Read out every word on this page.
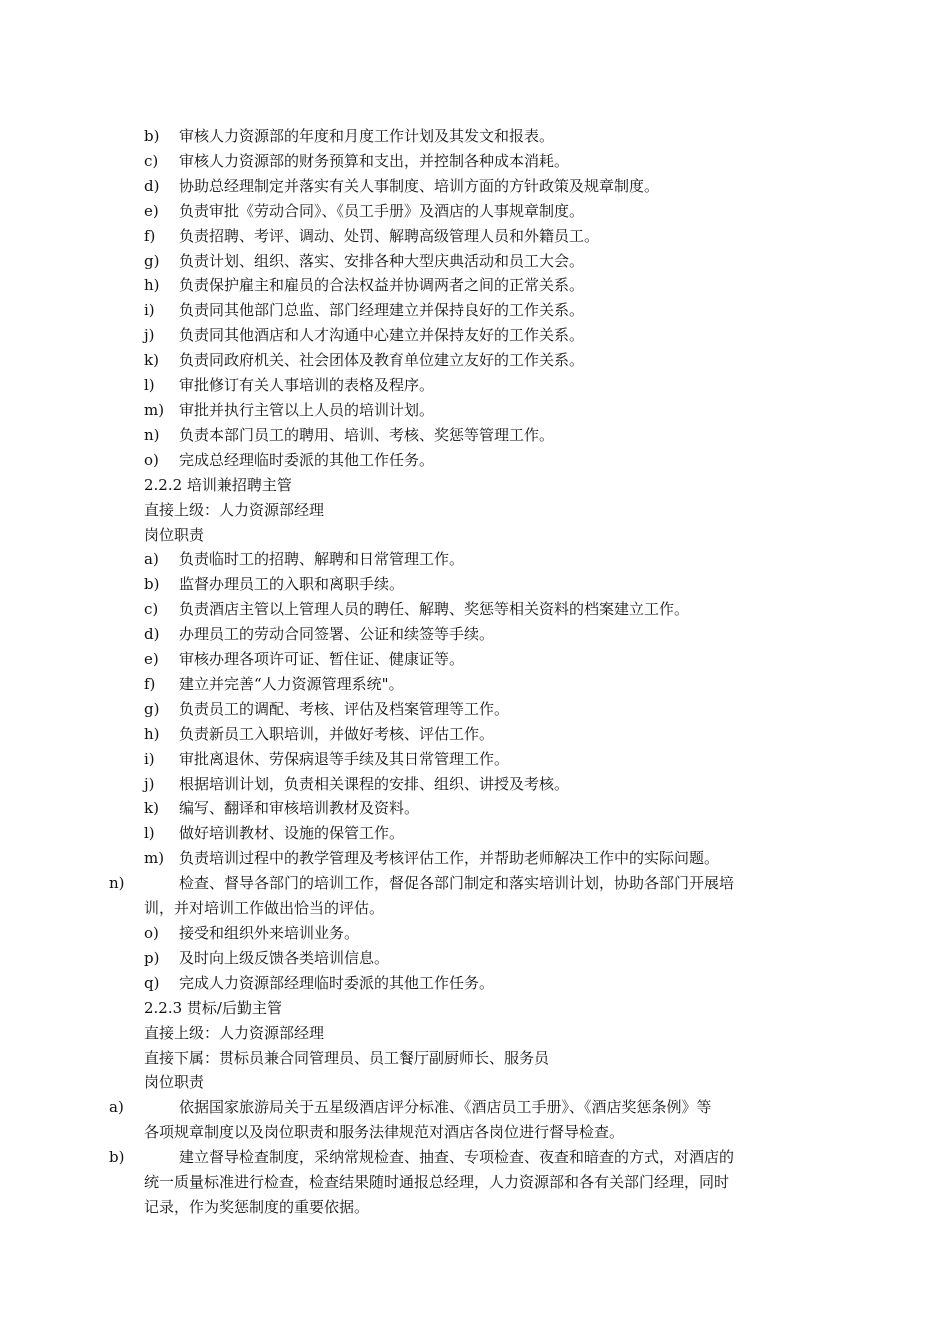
b)	审核人力资源部的年度和月度工作计划及其发文和报表。
c)	审核人力资源部的财务预算和支出，并控制各种成本消耗。
d)	协助总经理制定并落实有关人事制度、培训方面的方针政策及规章制度。
e)	负责审批《劳动合同》、《员工手册》及酒店的人事规章制度。
f)	负责招聘、考评、调动、处罚、解聘高级管理人员和外籍员工。
g)	负责计划、组织、落实、安排各种大型庆典活动和员工大会。
h)	负责保护雇主和雇员的合法权益并协调两者之间的正常关系。
i)	负责同其他部门总监、部门经理建立并保持良好的工作关系。
j)	负责同其他酒店和人才沟通中心建立并保持友好的工作关系。
k)	负责同政府机关、社会团体及教育单位建立友好的工作关系。
l)	审批修订有关人事培训的表格及程序。
m) 审批并执行主管以上人员的培训计划。
n)	负责本部门员工的聘用、培训、考核、奖惩等管理工作。
o)	完成总经理临时委派的其他工作任务。
2.2.2 培训兼招聘主管
直接上级：人力资源部经理
岗位职责
a)	负责临时工的招聘、解聘和日常管理工作。
b)	监督办理员工的入职和离职手续。
c)	负责酒店主管以上管理人员的聘任、解聘、奖惩等相关资料的档案建立工作。
d)	办理员工的劳动合同签署、公证和续签等手续。
e)	审核办理各项许可证、暂住证、健康证等。
f)	建立并完善“人力资源管理系统"。
g)	负责员工的调配、考核、评估及档案管理等工作。
h)	负责新员工入职培训，并做好考核、评估工作。
i)	审批离退休、劳保病退等手续及其日常管理工作。
j)	根据培训计划，负责相关课程的安排、组织、讲授及考核。
k)	编写、翻译和审核培训教材及资料。
l)	做好培训教材、设施的保管工作。
m) 负责培训过程中的教学管理及考核评估工作，并帮助老师解决工作中的实际问题。
n)	检查、督导各部门的培训工作，督促各部门制定和落实培训计划，协助各部门开展培
训，并对培训工作做出恰当的评估。
o)	接受和组织外来培训业务。
p)	及时向上级反馈各类培训信息。
q)	完成人力资源部经理临时委派的其他工作任务。
2.2.3 贯标/后勤主管
直接上级：人力资源部经理
直接下属：贯标员兼合同管理员、员工餐厅副厨师长、服务员
岗位职责
a)	依据国家旅游局关于五星级酒店评分标准、《酒店员工手册》、《酒店奖惩条例》等
各项规章制度以及岗位职责和服务法律规范对酒店各岗位进行督导检查。
b)	建立督导检查制度，采纳常规检查、抽查、专项检查、夜查和暗查的方式，对酒店的
统一质量标准进行检查，检查结果随时通报总经理，人力资源部和各有关部门经理，同时
记录，作为奖惩制度的重要依据。
